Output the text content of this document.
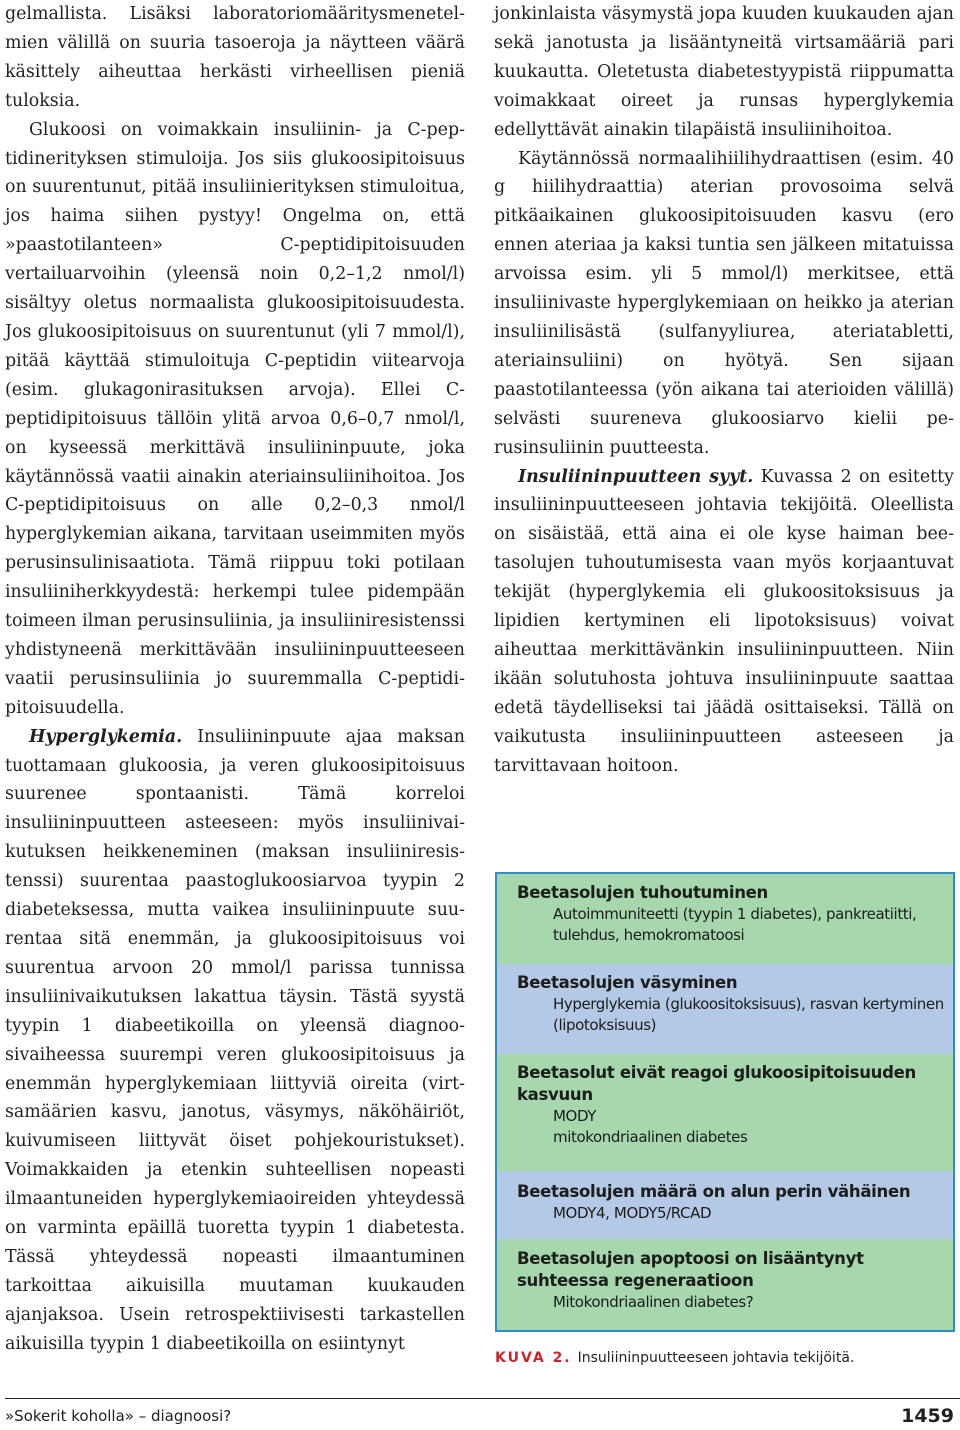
gelmallista. Lisäksi laboratoriomääritysmenetelmien välillä on suuria tasoeroja ja näytteen väärä käsittely aiheuttaa herkästi virheellisen pieniä tuloksia.

Glukoosi on voimakkain insuliinin- ja C-peptidinerityksen stimuloija. Jos siis glukoosipitoisuus on suurentunut, pitää insuliinierityksen stimuloitua, jos haima siihen pystyy! Ongelma on, että »paastotilanteen» C-peptidipitoisuuden vertailuarvoihin (yleensä noin 0,2–1,2 nmol/l) sisältyy oletus normaalista glukoosipitoisuudesta. Jos glukoosipitoisuus on suurentunut (yli 7 mmol/l), pitää käyttää stimuloituja C-peptidin viitearvoja (esim. glukagonirasituksen arvoja). Ellei C-peptidipitoisuus tällöin ylitä arvoa 0,6–0,7 nmol/l, on kyseessä merkittävä insuliininpuute, joka käytännössä vaatii ainakin ateriainsuliinihoitoa. Jos C-peptidipitoisuus on alle 0,2–0,3 nmol/l hyperglykemian aikana, tarvitaan useimmiten myös perusinsulinisaatiota. Tämä riippuu toki potilaan insuliiniherkkyydestä: herkempi tulee pidempään toimeen ilman perusinsuliinia, ja insuliiniresistenssi yhdistyneenä merkittävään insuliininpuutteeseen vaatii perusinsuliinia jo suuremmalla C-peptidipitoisuudella.

Hyperglykemia. Insuliininpuute ajaa maksan tuottamaan glukoosia, ja veren glukoosipitoisuus suurenee spontaanisti. Tämä korreloi insuliininpuutteen asteeseen: myös insuliinivaikutuksen heikkeneminen (maksan insuliiniresistenssi) suurentaa paastoglukoosiarvoa tyypin 2 diabeteksessa, mutta vaikea insuliininpuute suurentaa sitä enemmän, ja glukoosipitoisuus voi suurentua arvoon 20 mmol/l parissa tunnissa insuliinivaikutuksen lakattua täysin. Tästä syystä tyypin 1 diabeetikoilla on yleensä diagnoosivaiheessa suurempi veren glukoosipitoisuus ja enemmän hyperglykemiaan liittyviä oireita (virtsamäärien kasvu, janotus, väsymys, näköhäiriöt, kuivumiseen liittyvät öiset pohjekouristukset). Voimakkaiden ja etenkin suhteellisen nopeasti ilmaantuneiden hyperglykemiaoireiden yhteydessä on varminta epäillä tuoretta tyypin 1 diabetesta. Tässä yhteydessä nopeasti ilmaantuminen tarkoittaa aikuisilla muutaman kuukauden ajanjaksoa. Usein retrospektiivisesti tarkastellen aikuisilla tyypin 1 diabeetikoilla on esiintynyt

jonkinlaista väsymystä jopa kuuden kuukauden ajan sekä janotusta ja lisääntyneitä virtsamääriä pari kuukautta. Oletetusta diabetestyypistä riippumatta voimakkaat oireet ja runsas hyperglykemia edellyttävät ainakin tilapäistä insuliinihoitoa.

Käytännössä normaalihiilihydraattisen (esim. 40 g hiilihydraattia) aterian provosoima selvä pitkäaikainen glukoosipitoisuuden kasvu (ero ennen ateriaa ja kaksi tuntia sen jälkeen mitatuissa arvoissa esim. yli 5 mmol/l) merkitsee, että insuliinivaste hyperglykemiaan on heikko ja aterian insuliinilisästä (sulfanyyliurea, ateriatabletti, ateriainsuliini) on hyötyä. Sen sijaan paastotilanteessa (yön aikana tai aterioiden välillä) selvästi suureneva glukoosiarvo kielii perusinsuliinin puutteesta.

Insuliininpuutteen syyt. Kuvassa 2 on esitetty insuliininpuutteeseen johtavia tekijöitä. Oleellista on sisäistää, että aina ei ole kyse haiman beetasolujen tuhoutumisesta vaan myös korjaantuvat tekijät (hyperglykemia eli glukoositoksisuus ja lipidien kertyminen eli lipotoksisuus) voivat aiheuttaa merkittävänkin insuliininpuutteen. Niin ikään solutuhosta johtuva insuliininpuute saattaa edetä täydelliseksi tai jäädä osittaiseksi. Tällä on vaikutusta insuliininpuutteen asteeseen ja tarvittavaan hoitoon.

Beetasolujen tuhoutuminen
Autoimmuniteetti (tyypin 1 diabetes), pankreatiitti, tulehdus, hemokromatoosi
Beetasolujen väsyminen
Hyperglykemia (glukoositoksisuus), rasvan kertyminen (lipotoksisuus)
Beetasolut eivät reagoi glukoosipitoisuuden kasvuun
MODY
mitokondriaalinen diabetes
Beetasolujen määrä on alun perin vähäinen
MODY4, MODY5/RCAD
Beetasolujen apoptoosi on lisääntynyt suhteessa regeneraatioon
Mitokondriaalinen diabetes?
KUVA 2. Insuliininpuutteeseen johtavia tekijöitä.
»Sokerit koholla» – diagnoosi?	1459
